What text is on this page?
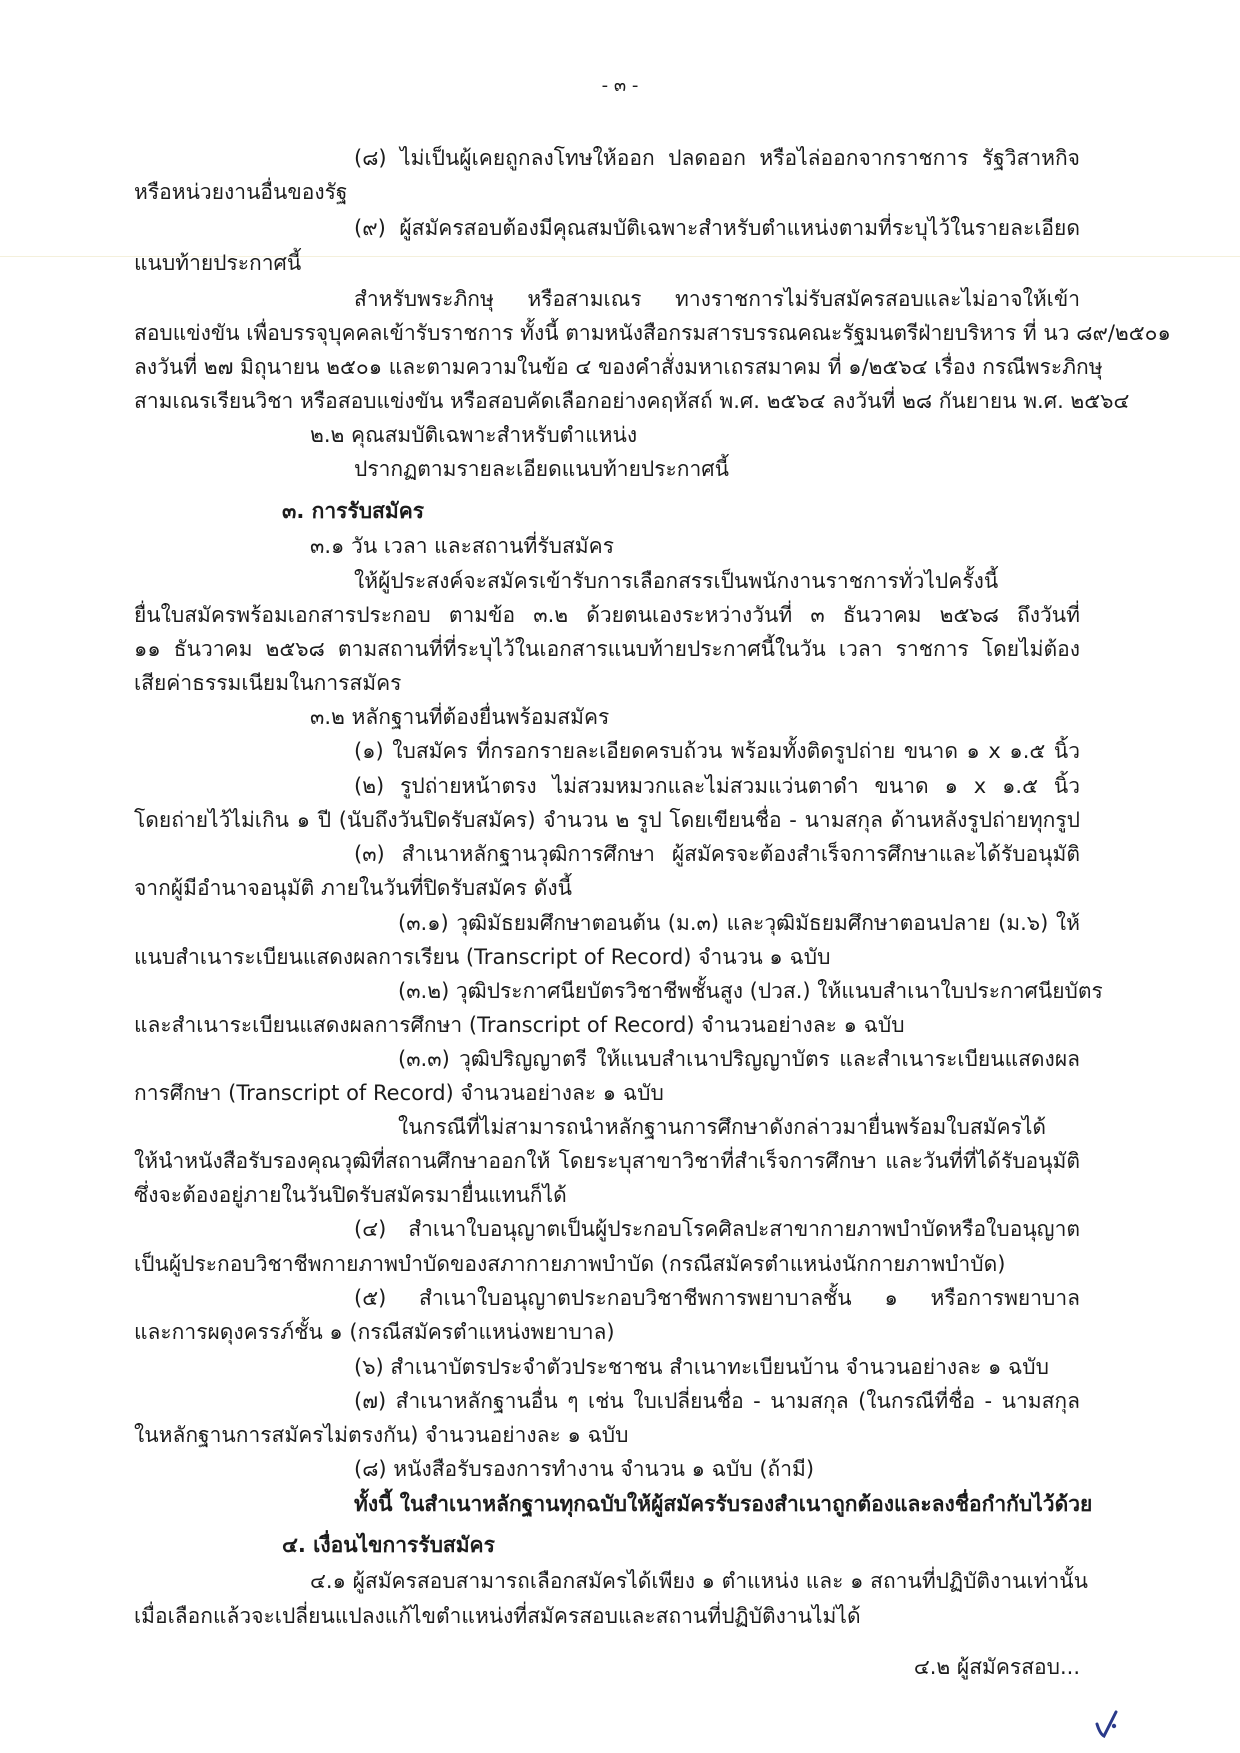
- ๓ -
(๘) ไม่เป็นผู้เคยถูกลงโทษให้ออก ปลดออก หรือไล่ออกจากราชการ รัฐวิสาหกิจ
หรือหน่วยงานอื่นของรัฐ
(๙) ผู้สมัครสอบต้องมีคุณสมบัติเฉพาะสำหรับตำแหน่งตามที่ระบุไว้ในรายละเอียด
แนบท้ายประกาศนี้
สำหรับพระภิกษุ หรือสามเณร ทางราชการไม่รับสมัครสอบและไม่อาจให้เข้า
สอบแข่งขัน เพื่อบรรจุบุคคลเข้ารับราชการ ทั้งนี้ ตามหนังสือกรมสารบรรณคณะรัฐมนตรีฝ่ายบริหาร ที่ นว ๘๙/๒๕๐๑
ลงวันที่ ๒๗ มิถุนายน ๒๕๐๑ และตามความในข้อ ๔ ของคำสั่งมหาเถรสมาคม ที่ ๑/๒๕๖๔ เรื่อง กรณีพระภิกษุ
สามเณรเรียนวิชา หรือสอบแข่งขัน หรือสอบคัดเลือกอย่างคฤหัสถ์ พ.ศ. ๒๕๖๔ ลงวันที่ ๒๘ กันยายน พ.ศ. ๒๕๖๔
๒.๒ คุณสมบัติเฉพาะสำหรับตำแหน่ง
ปรากฏตามรายละเอียดแนบท้ายประกาศนี้
๓. การรับสมัคร
๓.๑ วัน เวลา และสถานที่รับสมัคร
ให้ผู้ประสงค์จะสมัครเข้ารับการเลือกสรรเป็นพนักงานราชการทั่วไปครั้งนี้
ยื่นใบสมัครพร้อมเอกสารประกอบ ตามข้อ ๓.๒ ด้วยตนเองระหว่างวันที่ ๓ ธันวาคม ๒๕๖๘ ถึงวันที่
๑๑ ธันวาคม ๒๕๖๘ ตามสถานที่ที่ระบุไว้ในเอกสารแนบท้ายประกาศนี้ในวัน เวลา ราชการ โดยไม่ต้อง
เสียค่าธรรมเนียมในการสมัคร
๓.๒ หลักฐานที่ต้องยื่นพร้อมสมัคร
(๑) ใบสมัคร ที่กรอกรายละเอียดครบถ้วน พร้อมทั้งติดรูปถ่าย ขนาด ๑ x ๑.๕ นิ้ว
(๒) รูปถ่ายหน้าตรง ไม่สวมหมวกและไม่สวมแว่นตาดำ ขนาด ๑ x ๑.๕ นิ้ว
โดยถ่ายไว้ไม่เกิน ๑ ปี (นับถึงวันปิดรับสมัคร) จำนวน ๒ รูป โดยเขียนชื่อ - นามสกุล ด้านหลังรูปถ่ายทุกรูป
(๓) สำเนาหลักฐานวุฒิการศึกษา ผู้สมัครจะต้องสำเร็จการศึกษาและได้รับอนุมัติ
จากผู้มีอำนาจอนุมัติ ภายในวันที่ปิดรับสมัคร ดังนี้
(๓.๑) วุฒิมัธยมศึกษาตอนต้น (ม.๓) และวุฒิมัธยมศึกษาตอนปลาย (ม.๖) ให้
แนบสำเนาระเบียนแสดงผลการเรียน (Transcript of Record) จำนวน ๑ ฉบับ
(๓.๒) วุฒิประกาศนียบัตรวิชาชีพชั้นสูง (ปวส.) ให้แนบสำเนาใบประกาศนียบัตร
และสำเนาระเบียนแสดงผลการศึกษา (Transcript of Record) จำนวนอย่างละ ๑ ฉบับ
(๓.๓) วุฒิปริญญาตรี ให้แนบสำเนาปริญญาบัตร และสำเนาระเบียนแสดงผล
การศึกษา (Transcript of Record) จำนวนอย่างละ ๑ ฉบับ
ในกรณีที่ไม่สามารถนำหลักฐานการศึกษาดังกล่าวมายื่นพร้อมใบสมัครได้
ให้นำหนังสือรับรองคุณวุฒิที่สถานศึกษาออกให้ โดยระบุสาขาวิชาที่สำเร็จการศึกษา และวันที่ที่ได้รับอนุมัติ
ซึ่งจะต้องอยู่ภายในวันปิดรับสมัครมายื่นแทนก็ได้
(๔) สำเนาใบอนุญาตเป็นผู้ประกอบโรคศิลปะสาขากายภาพบำบัดหรือใบอนุญาต
เป็นผู้ประกอบวิชาชีพกายภาพบำบัดของสภากายภาพบำบัด (กรณีสมัครตำแหน่งนักกายภาพบำบัด)
(๕) สำเนาใบอนุญาตประกอบวิชาชีพการพยาบาลชั้น ๑ หรือการพยาบาล
และการผดุงครรภ์ชั้น ๑ (กรณีสมัครตำแหน่งพยาบาล)
(๖) สำเนาบัตรประจำตัวประชาชน สำเนาทะเบียนบ้าน จำนวนอย่างละ ๑ ฉบับ
(๗) สำเนาหลักฐานอื่น ๆ เช่น ใบเปลี่ยนชื่อ - นามสกุล (ในกรณีที่ชื่อ - นามสกุล
ในหลักฐานการสมัครไม่ตรงกัน) จำนวนอย่างละ ๑ ฉบับ
(๘) หนังสือรับรองการทำงาน จำนวน ๑ ฉบับ (ถ้ามี)
ทั้งนี้ ในสำเนาหลักฐานทุกฉบับให้ผู้สมัครรับรองสำเนาถูกต้องและลงชื่อกำกับไว้ด้วย
๔. เงื่อนไขการรับสมัคร
๔.๑ ผู้สมัครสอบสามารถเลือกสมัครได้เพียง ๑ ตำแหน่ง และ ๑ สถานที่ปฏิบัติงานเท่านั้น
เมื่อเลือกแล้วจะเปลี่ยนแปลงแก้ไขตำแหน่งที่สมัครสอบและสถานที่ปฏิบัติงานไม่ได้
๔.๒ ผู้สมัครสอบ...
